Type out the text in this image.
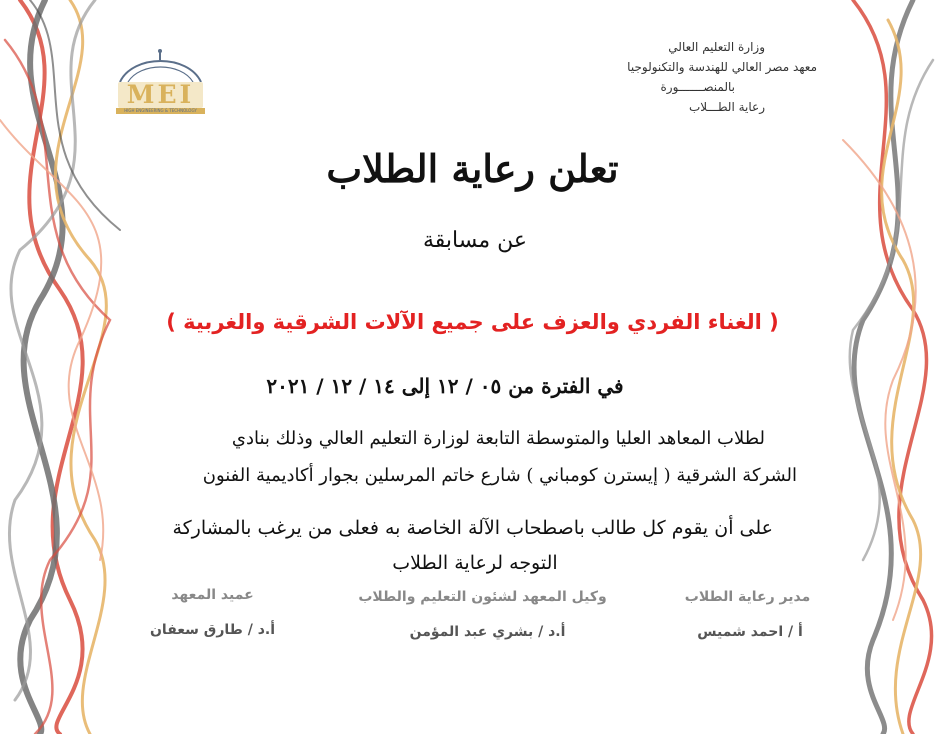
MEI
HIGH ENGINEERING & TECHNOLOGY
وزارة التعليم العالي
معهد مصر العالي للهندسة والتكنولوجيا
بالمنصـــــــورة
رعاية الطـــلاب
تعلن رعاية الطلاب
عن مسابقة
( الغناء الفردي والعزف على جميع الآلات الشرقية والغربية )
في الفترة من ٠٥ / ١٢ إلى ١٤ / ١٢ / ٢٠٢١
لطلاب المعاهد العليا والمتوسطة التابعة لوزارة التعليم العالي وذلك بنادي
الشركة الشرقية ( إيسترن كومباني ) شارع خاتم المرسلين بجوار أكاديمية الفنون
على أن يقوم كل طالب باصطحاب الآلة الخاصة به فعلى من يرغب بالمشاركة
التوجه لرعاية الطلاب
مدير رعاية الطلاب
أ / احمد شميس
وكيل المعهد لشئون التعليم والطلاب
أ.د / بشري عبد المؤمن
عميد المعهد
أ.د / طارق سعفان
